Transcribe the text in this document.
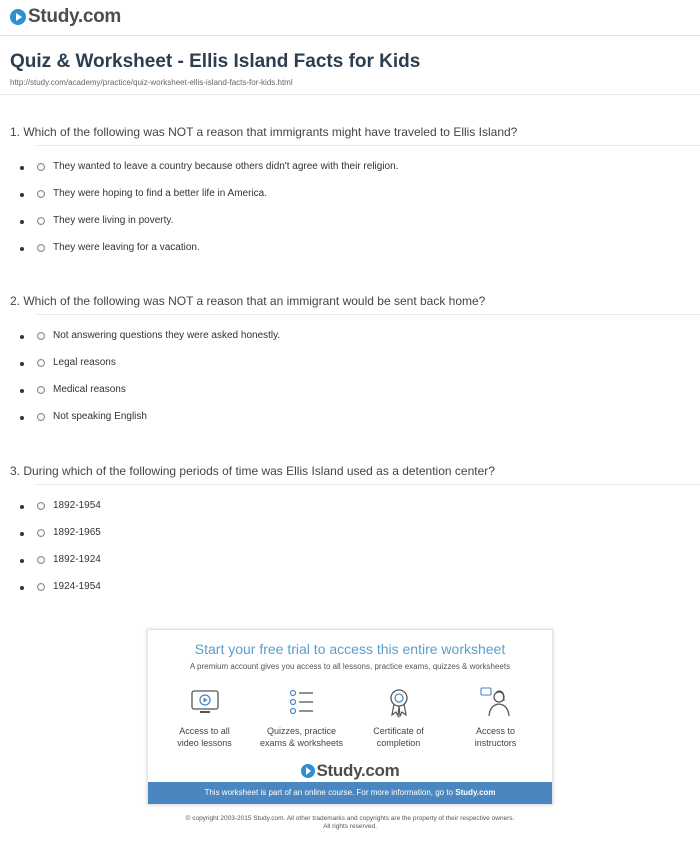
Study.com
Quiz & Worksheet - Ellis Island Facts for Kids
http://study.com/academy/practice/quiz-worksheet-ellis-island-facts-for-kids.html
1. Which of the following was NOT a reason that immigrants might have traveled to Ellis Island?
They wanted to leave a country because others didn't agree with their religion.
They were hoping to find a better life in America.
They were living in poverty.
They were leaving for a vacation.
2. Which of the following was NOT a reason that an immigrant would be sent back home?
Not answering questions they were asked honestly.
Legal reasons
Medical reasons
Not speaking English
3. During which of the following periods of time was Ellis Island used as a detention center?
1892-1954
1892-1965
1892-1924
1924-1954
Start your free trial to access this entire worksheet
A premium account gives you access to all lessons, practice exams, quizzes & worksheets
Access to all
video lessons
Quizzes, practice
exams & worksheets
Certificate of
completion
Access to
instructors
Study.com
This worksheet is part of an online course. For more information, go to Study.com
© copyright 2003-2015 Study.com. All other trademarks and copyrights are the property of their respective owners.
All rights reserved.
